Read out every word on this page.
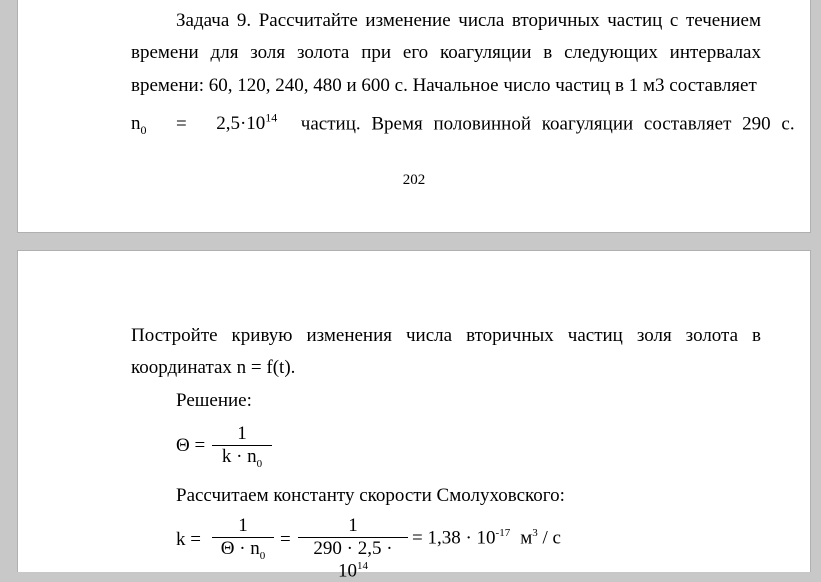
Задача 9. Рассчитайте изменение числа вторичных частиц с течением
времени для золя золота при его коагуляции в следующих интервалах
времени: 60, 120, 240, 480 и 600 с. Начальное число частиц в 1 м3 составляет
$n_0 = 2,5\cdot 10^{14}$ частиц. Время половинной коагуляции составляет 290 с.
202
Постройте кривую изменения числа вторичных частиц золя золота в
координатах n = f(t).
Решение:
Θ =
1
$k \cdot n_0$
Рассчитаем константу скорости Смолуховского:
k =
1
$\Theta \cdot n_0$
=
1
$290 \cdot 2,5 \cdot 10^{14}$
= $1,38 \cdot 10^{-17}$ $м^3$ / с
